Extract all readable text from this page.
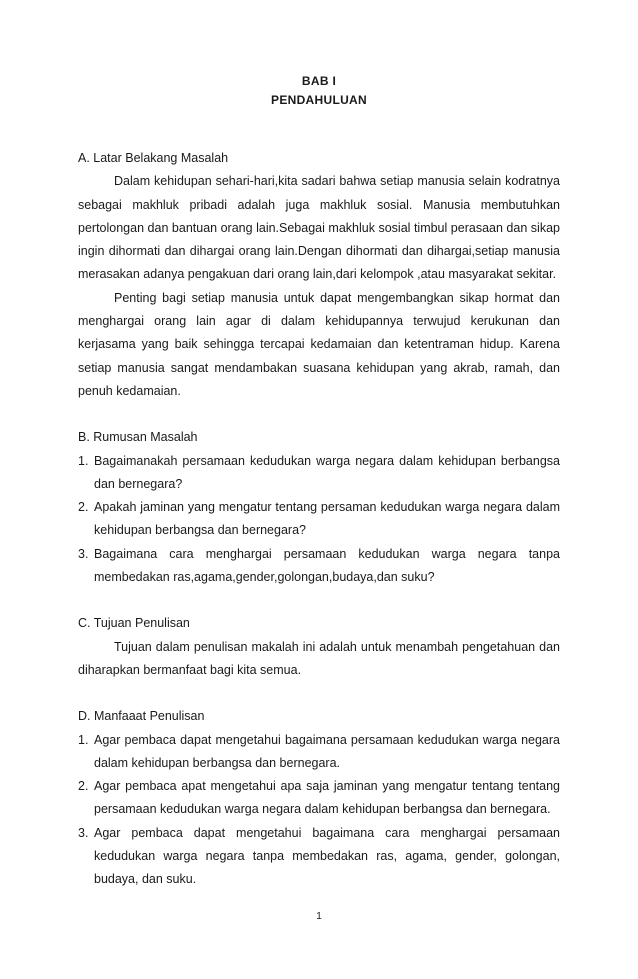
BAB I
PENDAHULUAN

A. Latar Belakang Masalah

Dalam kehidupan sehari-hari,kita sadari bahwa setiap manusia selain kodratnya sebagai makhluk pribadi adalah juga makhluk sosial. Manusia membutuhkan pertolongan dan bantuan orang lain.Sebagai makhluk sosial timbul perasaan dan sikap ingin dihormati dan dihargai orang lain.Dengan dihormati dan dihargai,setiap manusia merasakan adanya pengakuan dari orang lain,dari kelompok ,atau masyarakat sekitar.

Penting bagi setiap manusia untuk dapat mengembangkan sikap hormat dan menghargai orang lain agar di dalam kehidupannya terwujud kerukunan dan kerjasama yang baik sehingga tercapai kedamaian dan ketentraman hidup. Karena setiap manusia sangat mendambakan suasana kehidupan yang akrab, ramah, dan penuh kedamaian.

B. Rumusan Masalah

1. Bagaimanakah persamaan kedudukan warga negara dalam kehidupan berbangsa dan bernegara?
2. Apakah jaminan yang mengatur tentang persaman kedudukan warga negara dalam kehidupan berbangsa dan bernegara?
3. Bagaimana cara menghargai persamaan kedudukan warga negara tanpa membedakan ras,agama,gender,golongan,budaya,dan suku?

C. Tujuan Penulisan

Tujuan dalam penulisan makalah ini adalah untuk menambah pengetahuan dan diharapkan bermanfaat bagi kita semua.

D. Manfaaat Penulisan

1. Agar pembaca dapat mengetahui bagaimana persamaan kedudukan warga negara dalam kehidupan berbangsa dan bernegara.
2. Agar pembaca apat mengetahui apa saja jaminan yang mengatur tentang tentang persamaan kedudukan warga negara dalam kehidupan berbangsa dan bernegara.
3. Agar pembaca dapat mengetahui bagaimana cara menghargai persamaan kedudukan warga negara tanpa membedakan ras, agama, gender, golongan, budaya, dan suku.
1
